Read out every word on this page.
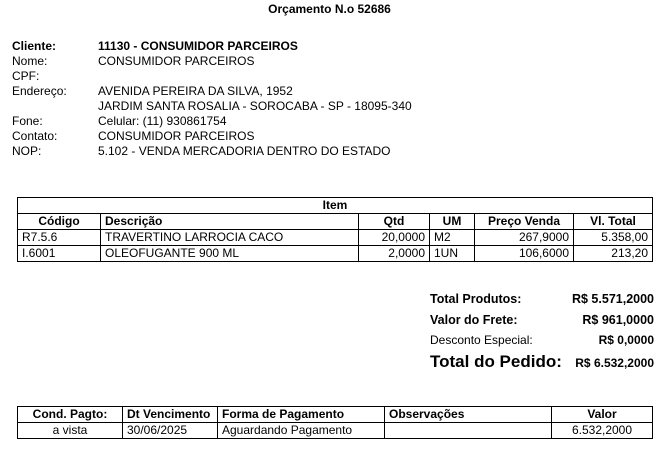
Orçamento N.o 52686
Cliente:	11130 - CONSUMIDOR PARCEIROS
Nome:	CONSUMIDOR PARCEIROS
CPF:
Endereço:	AVENIDA PEREIRA DA SILVA, 1952
JARDIM SANTA ROSALIA - SOROCABA - SP - 18095-340
Fone:	Celular: (11) 930861754
Contato:	CONSUMIDOR PARCEIROS
NOP:	5.102 - VENDA MERCADORIA DENTRO DO ESTADO
Item					
Código	Descrição	Qtd	UM	Preço Venda	Vl. Total
R7.5.6	TRAVERTINO LARROCIA CACO	20,0000	M2	267,9000	5.358,00
I.6001	OLEOFUGANTE 900 ML	2,0000	1UN	106,6000	213,20
Total Produtos:	R$ 5.571,2000
Valor do Frete:	R$ 961,0000
Desconto Especial:	R$ 0,0000
Total do Pedido: R$ 6.532,2000
Cond. Pagto:	Dt Vencimento	Forma de Pagamento	Observações	Valor
a vista	30/06/2025	Aguardando Pagamento		6.532,2000
